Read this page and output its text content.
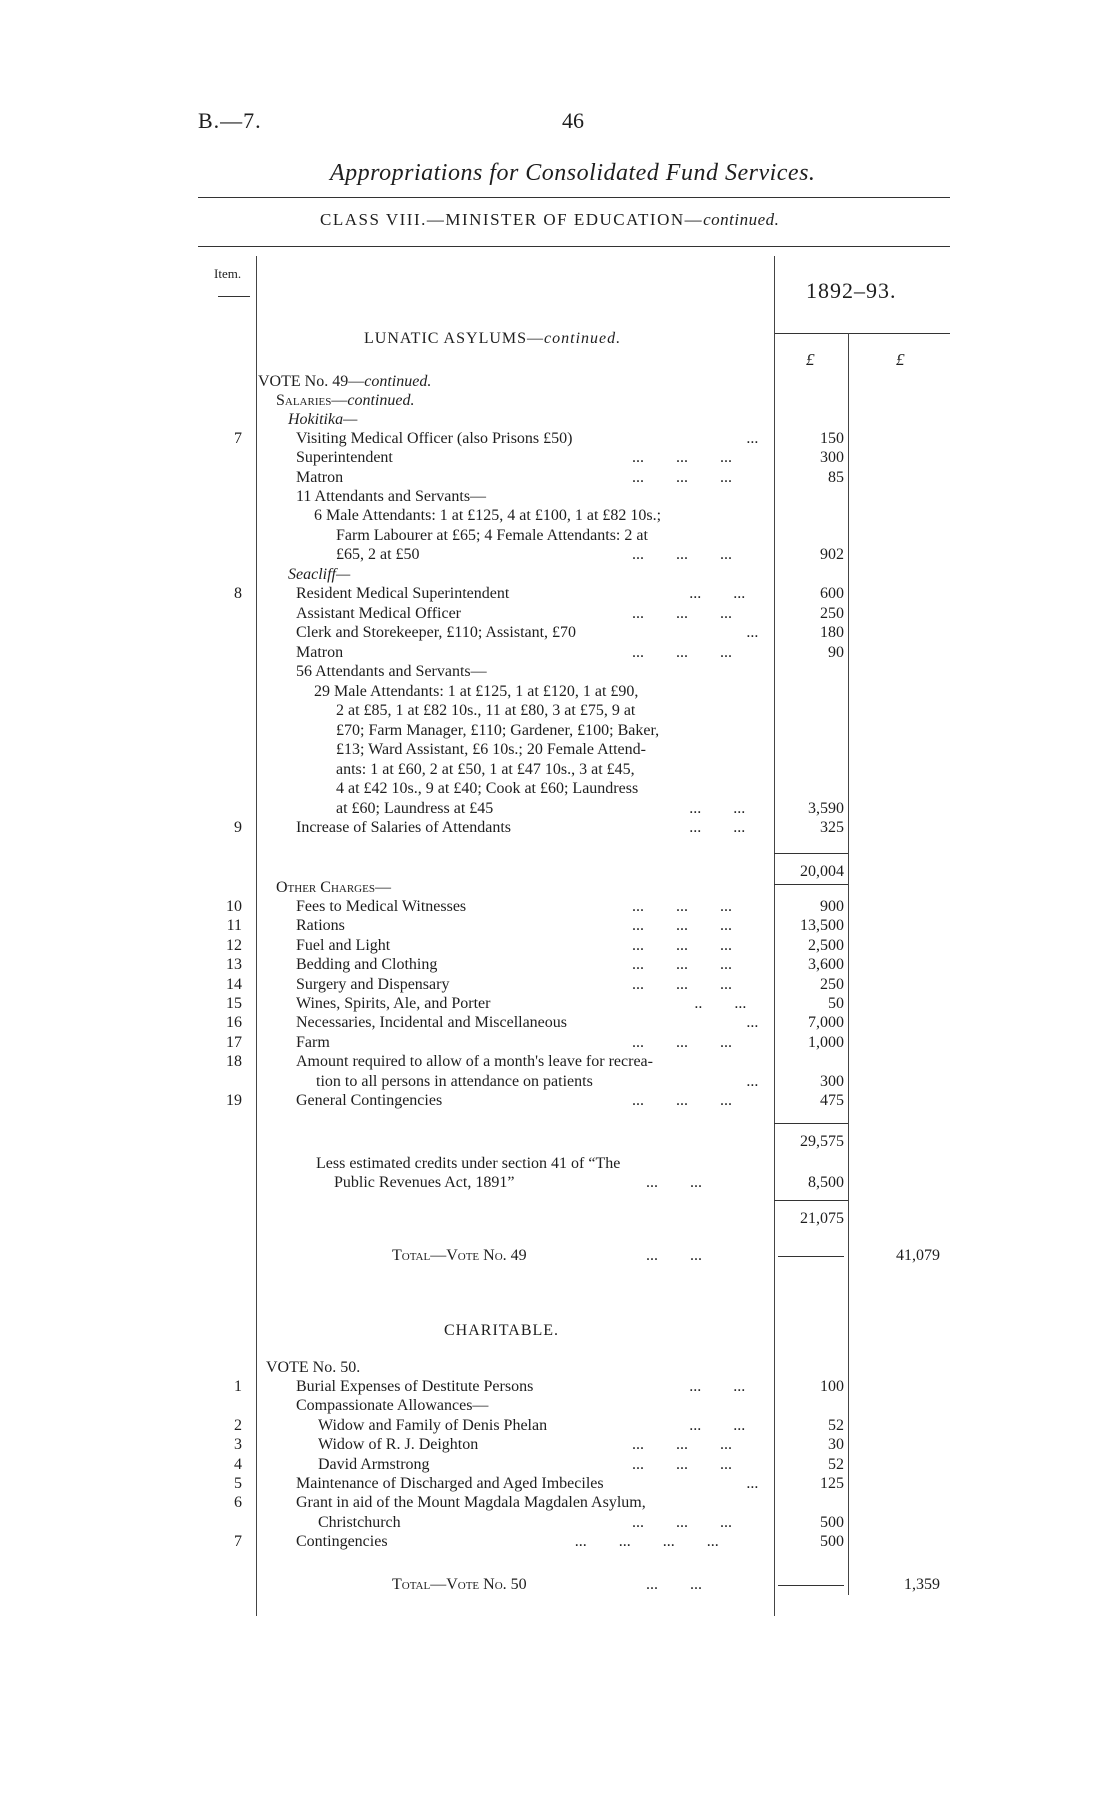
B.—7.	46
Appropriations for Consolidated Fund Services.
CLASS VIII.—MINISTER OF EDUCATION—continued.
Item.
1892–93.
£	£
LUNATIC ASYLUMS—continued.
VOTE No. 49—continued.
Salaries—continued.
Hokitika—
7	Visiting Medical Officer (also Prisons £50)	...	150
Superintendent	...        ...        ...	300
Matron	...        ...        ...	85
11 Attendants and Servants—
6 Male Attendants: 1 at £125, 4 at £100, 1 at £82 10s.;
Farm Labourer at £65; 4 Female Attendants: 2 at
£65, 2 at £50	...        ...        ...	902
Seacliff—
8	Resident Medical Superintendent	...        ...	600
Assistant Medical Officer	...        ...        ...	250
Clerk and Storekeeper, £110; Assistant, £70	...	180
Matron	...        ...        ...	90
56 Attendants and Servants—
29 Male Attendants: 1 at £125, 1 at £120, 1 at £90,
2 at £85, 1 at £82 10s., 11 at £80, 3 at £75, 9 at
£70; Farm Manager, £110; Gardener, £100; Baker,
£13; Ward Assistant, £6 10s.; 20 Female Attend-
ants: 1 at £60, 2 at £50, 1 at £47 10s., 3 at £45,
4 at £42 10s., 9 at £40; Cook at £60; Laundress
at £60; Laundress at £45	...        ...	3,590
9	Increase of Salaries of Attendants	...        ...	325
20,004
Other Charges—
10	Fees to Medical Witnesses	...        ...        ...	900
11	Rations	...        ...        ...	13,500
12	Fuel and Light	...        ...        ...	2,500
13	Bedding and Clothing	...        ...        ...	3,600
14	Surgery and Dispensary	...        ...        ...	250
15	Wines, Spirits, Ale, and Porter	..        ...	50
16	Necessaries, Incidental and Miscellaneous	...	7,000
17	Farm	...        ...        ...	1,000
18	Amount required to allow of a month's leave for recrea-
tion to all persons in attendance on patients	...	300
19	General Contingencies	...        ...        ...	475
29,575
Less estimated credits under section 41 of “The
Public Revenues Act, 1891”	...        ...	8,500
21,075
Total—Vote No. 49	...        ...	41,079
CHARITABLE.
VOTE No. 50.
1	Burial Expenses of Destitute Persons	...        ...	100
Compassionate Allowances—
2	Widow and Family of Denis Phelan	...        ...	52
3	Widow of R. J. Deighton	...        ...        ...	30
4	David Armstrong	...        ...        ...	52
5	Maintenance of Discharged and Aged Imbeciles	...	125
6	Grant in aid of the Mount Magdala Magdalen Asylum,
Christchurch	...        ...        ...	500
7	Contingencies	...        ...        ...        ...	500
Total—Vote No. 50	...        ...	1,359
